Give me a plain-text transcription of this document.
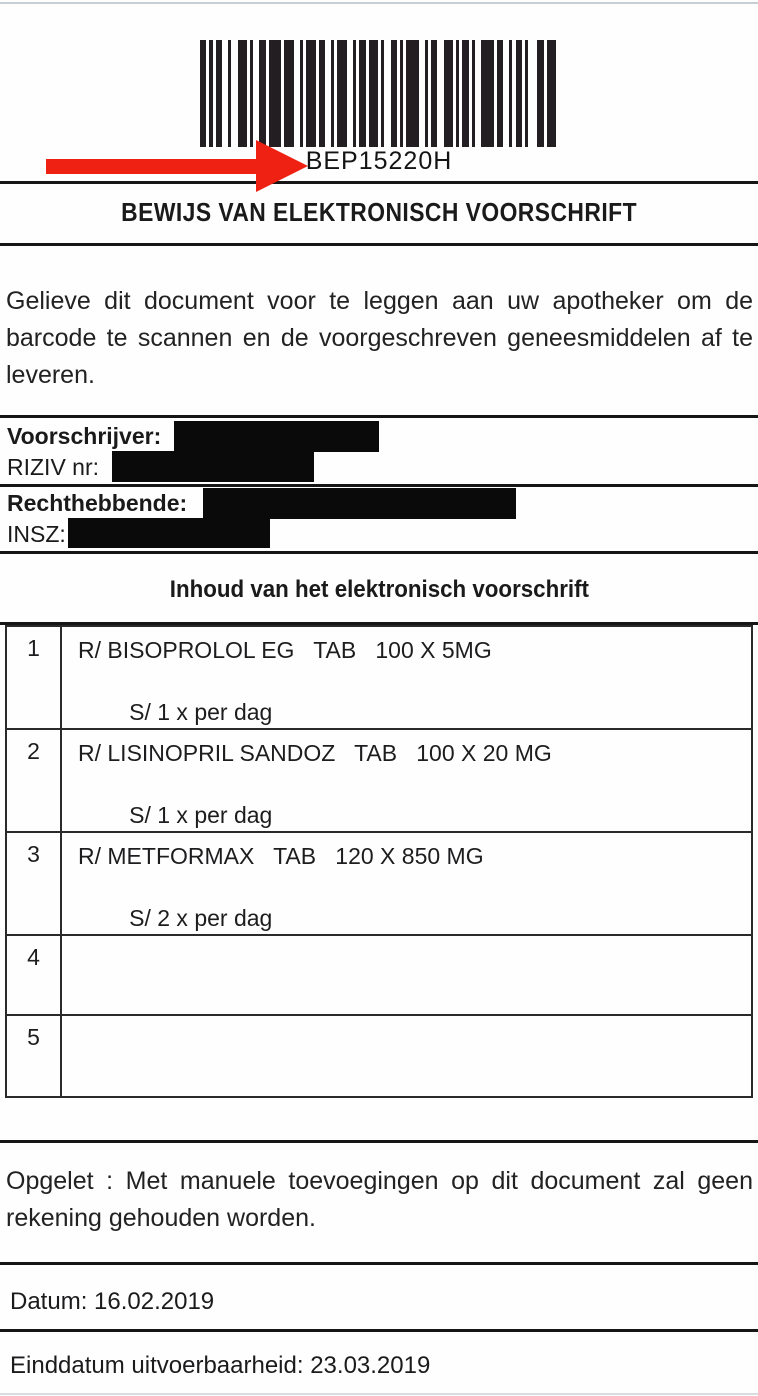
BEP15220H
BEWIJS VAN ELEKTRONISCH VOORSCHRIFT
Gelieve dit document voor te leggen aan uw apotheker om de barcode te scannen en de voorgeschreven geneesmiddelen af te leveren.
Voorschrijver:
RIZIV nr:
Rechthebbende:
INSZ:
Inhoud van het elektronisch voorschrift
1	R/ BISOPROLOL EG   TAB   100 X 5MG

S/ 1 x per dag
2	R/ LISINOPRIL SANDOZ   TAB   100 X 20 MG

S/ 1 x per dag
3	R/ METFORMAX   TAB   120 X 850 MG

S/ 2 x per dag
4
5
Opgelet : Met manuele toevoegingen op dit document zal geen rekening gehouden worden.
Datum: 16.02.2019
Einddatum uitvoerbaarheid: 23.03.2019
